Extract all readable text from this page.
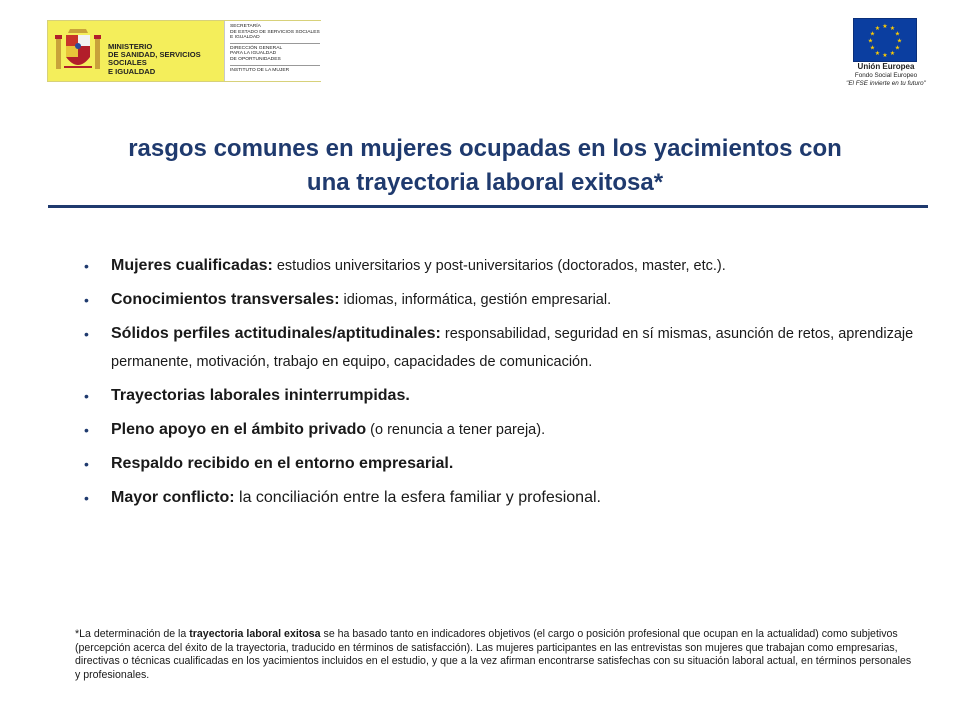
MINISTERIO
DE SANIDAD, SERVICIOS SOCIALES
E IGUALDAD
SECRETARÍA
DE ESTADO DE SERVICIOS SOCIALES
E IGUALDAD
DIRECCIÓN GENERAL
PARA LA IGUALDAD
DE OPORTUNIDADES
INSTITUTO DE LA MUJER
★ ★
★
★
★
★
★
★
★
★
★
★
Unión Europea
Fondo Social Europeo
"El FSE invierte en tu futuro"
rasgos comunes en mujeres ocupadas en los yacimientos con
una trayectoria laboral exitosa*
• Mujeres cualificadas: estudios universitarios y post-universitarios (doctorados, master, etc.).
• Conocimientos transversales: idiomas, informática, gestión empresarial.
• Sólidos perfiles actitudinales/aptitudinales: responsabilidad, seguridad en sí mismas, asunción de retos, aprendizaje permanente, motivación, trabajo en equipo, capacidades de comunicación.
• Trayectorias laborales ininterrumpidas.
• Pleno apoyo en el ámbito privado (o renuncia a tener pareja).
• Respaldo recibido en el entorno empresarial.
• Mayor conflicto: la conciliación entre la esfera familiar y profesional.
*La determinación de la trayectoria laboral exitosa se ha basado tanto en indicadores objetivos (el cargo o posición profesional que ocupan en la actualidad) como subjetivos (percepción acerca del éxito de la trayectoria, traducido en términos de satisfacción). Las mujeres participantes en las entrevistas son mujeres que trabajan como empresarias, directivas o técnicas cualificadas en los yacimientos incluidos en el estudio, y que a la vez afirman encontrarse satisfechas con su situación laboral actual, en términos personales y profesionales.
